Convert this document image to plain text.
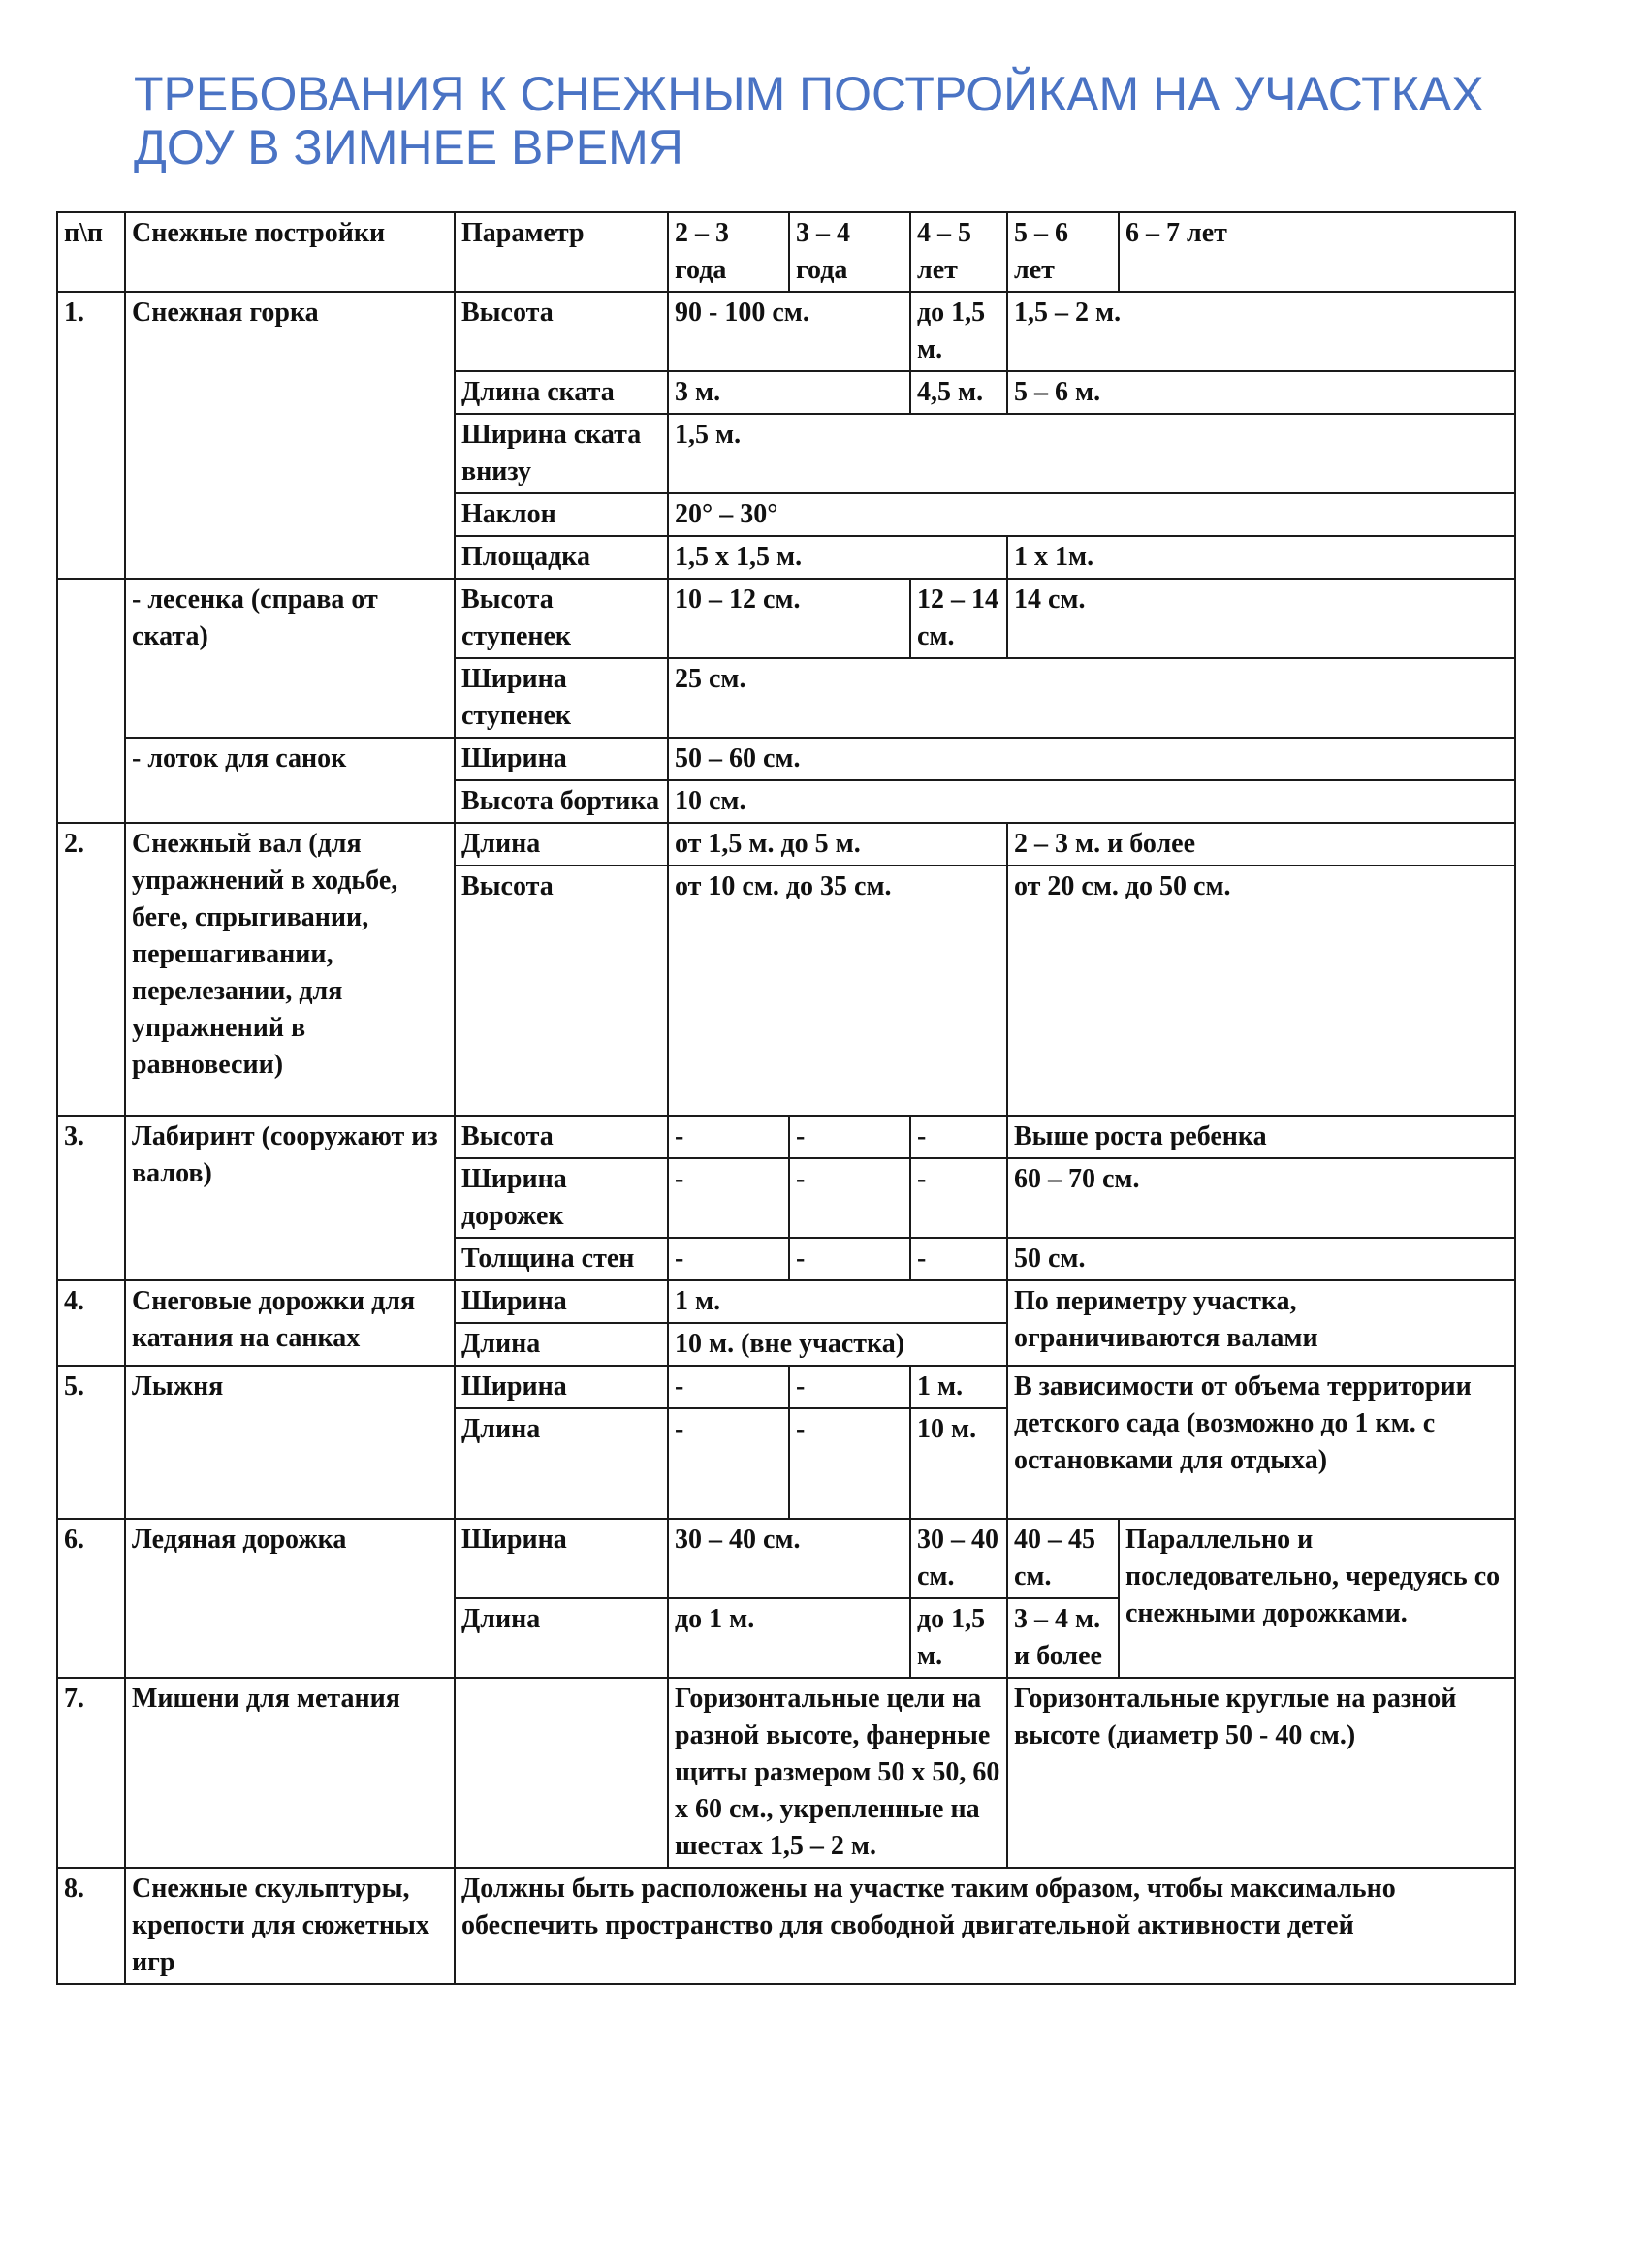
ТРЕБОВАНИЯ К СНЕЖНЫМ ПОСТРОЙКАМ НА УЧАСТКАХ ДОУ В ЗИМНЕЕ ВРЕМЯ
п\п	Снежные постройки	Параметр	2 – 3 года	3 – 4 года	4 – 5 лет	5 – 6 лет	6 – 7 лет
1.	Снежная горка	Высота	90 - 100 см.		до 1,5 м.	1,5 – 2 м.	
		Длина ската	3 м.		4,5 м.	5 – 6 м.	
		Ширина ската внизу	1,5 м.				
		Наклон	20° – 30°				
		Площадка	1,5 х 1,5 м.			1 х 1м.	
	- лесенка (справа от ската)	Высота ступенек	10 – 12 см.		12 – 14 см.	14 см.	
		Ширина ступенек	25 см.				
	- лоток для санок	Ширина	50 – 60 см.				
		Высота бортика	10 см.				
2.	Снежный вал (для упражнений в ходьбе, беге, спрыгивании, перешагивании, перелезании, для упражнений в равновесии)	Длина	от 1,5 м. до 5 м.			2 – 3 м. и более	
		Высота	от 10 см. до 35 см.			от 20 см. до 50 см.	
3.	Лабиринт (сооружают из валов)	Высота	-	-	-	Выше роста ребенка	
		Ширина дорожек	-	-	-	60 – 70 см.	
		Толщина стен	-	-	-	50 см.	
4.	Снеговые дорожки для катания на санках	Ширина	1 м.			По периметру участка, ограничиваются валами	
		Длина	10 м. (вне участка)				
5.	Лыжня	Ширина	-	-	1 м.	В зависимости от объема территории детского сада (возможно до 1 км. с остановками для отдыха)	
		Длина	-	-	10 м.		
6.	Ледяная дорожка	Ширина	30 – 40 см.		30 – 40 см.	40 – 45 см.	Параллельно и последовательно, чередуясь со снежными дорожками.
		Длина	до 1 м.		до 1,5 м.	3 – 4 м. и более	
7.	Мишени для метания		Горизонтальные цели на разной высоте, фанерные щиты размером 50 х 50, 60 х 60 см., укрепленные на шестах 1,5 – 2 м.			Горизонтальные круглые на разной высоте (диаметр 50 - 40 см.)	
8.	Снежные скульптуры, крепости для сюжетных игр	Должны быть расположены на участке таким образом, чтобы максимально обеспечить пространство для свободной двигательной активности детей					
